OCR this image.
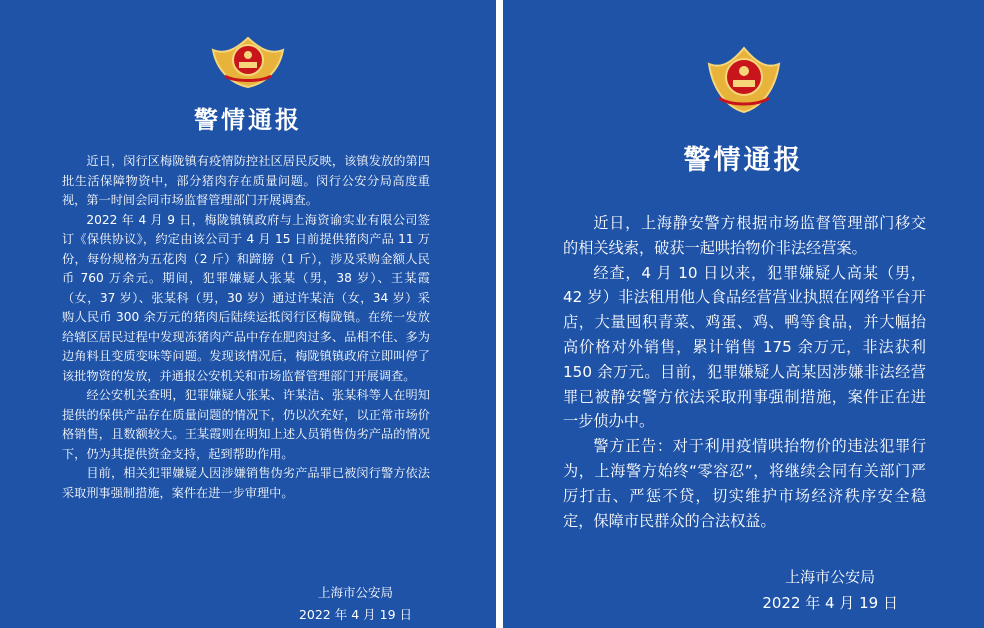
警情通报

近日，闵行区梅陇镇有疫情防控社区居民反映，该镇发放的第四批生活保障物资中，部分猪肉存在质量问题。闵行公安分局高度重视，第一时间会同市场监督管理部门开展调查。

2022 年 4 月 9 日，梅陇镇镇政府与上海资谕实业有限公司签订《保供协议》，约定由该公司于 4 月 15 日前提供猪肉产品 11 万份，每份规格为五花肉（2 斤）和蹄膀（1 斤），涉及采购金额人民币 760 万余元。期间，犯罪嫌疑人张某（男，38 岁）、王某霞（女，37 岁）、张某科（男，30 岁）通过许某洁（女，34 岁）采购人民币 300 余万元的猪肉后陆续运抵闵行区梅陇镇。在统一发放给辖区居民过程中发现冻猪肉产品中存在肥肉过多、品相不佳、多为边角料且变质变味等问题。发现该情况后，梅陇镇镇政府立即叫停了该批物资的发放，并通报公安机关和市场监督管理部门开展调查。

经公安机关查明，犯罪嫌疑人张某、许某洁、张某科等人在明知提供的保供产品存在质量问题的情况下，仍以次充好，以正常市场价格销售，且数额较大。王某霞则在明知上述人员销售伪劣产品的情况下，仍为其提供资金支持，起到帮助作用。

目前，相关犯罪嫌疑人因涉嫌销售伪劣产品罪已被闵行警方依法采取刑事强制措施，案件在进一步审理中。

上海市公安局
2022 年 4 月 19 日
警情通报

近日，上海静安警方根据市场监督管理部门移交的相关线索，破获一起哄抬物价非法经营案。

经查，4 月 10 日以来，犯罪嫌疑人高某（男，42 岁）非法租用他人食品经营营业执照在网络平台开店，大量囤积青菜、鸡蛋、鸡、鸭等食品，并大幅抬高价格对外销售，累计销售 175 余万元，非法获利 150 余万元。目前，犯罪嫌疑人高某因涉嫌非法经营罪已被静安警方依法采取刑事强制措施，案件正在进一步侦办中。

警方正告：对于利用疫情哄抬物价的违法犯罪行为，上海警方始终“零容忍”，将继续会同有关部门严厉打击、严惩不贷，切实维护市场经济秩序安全稳定，保障市民群众的合法权益。

上海市公安局
2022 年 4 月 19 日
